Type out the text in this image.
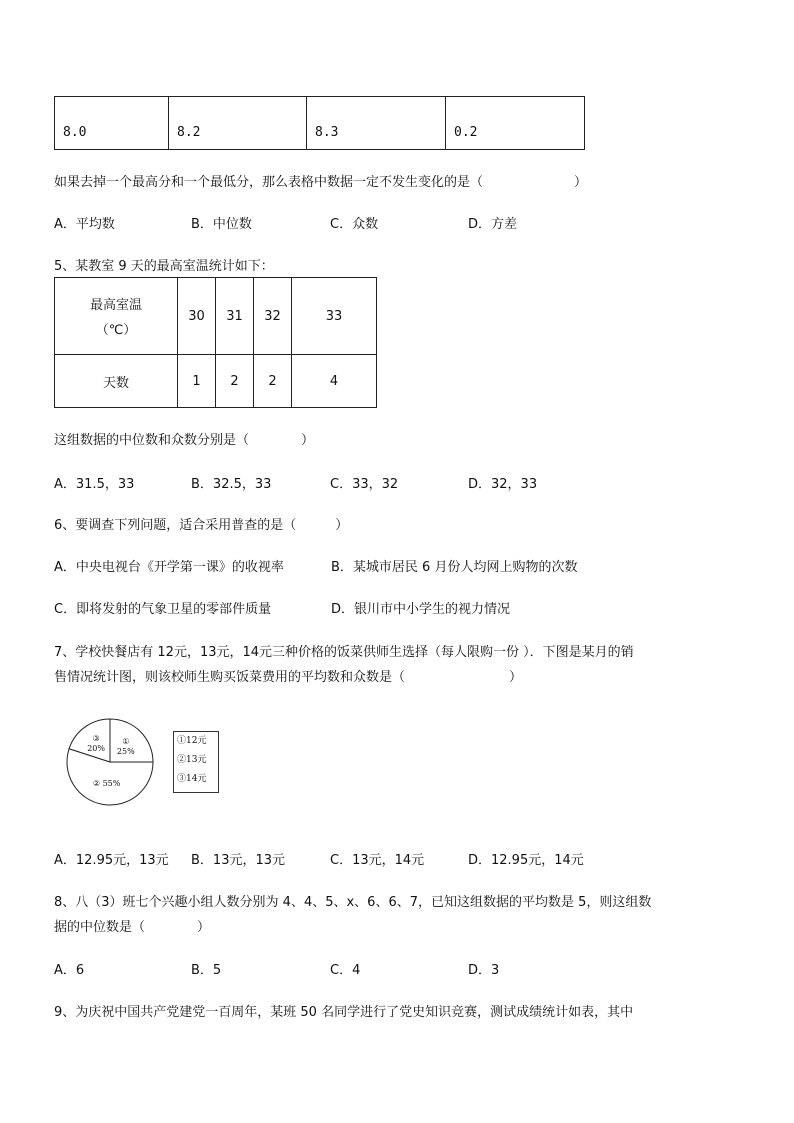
8.0	8.2	8.3	0.2
如果去掉一个最高分和一个最低分，那么表格中数据一定不发生变化的是（　　　　　　　）
A．平均数	B．中位数	C．众数	D．方差
5、某教室 9 天的最高室温统计如下：
最高室温
（℃）	30	31	32	33
天数	1	2	2	4
这组数据的中位数和众数分别是（　　　　）
A．31.5，33	B．32.5，33	C．33，32	D．32，33
6、要调查下列问题，适合采用普查的是（　　　）
A．中央电视台《开学第一课》的收视率	B．某城市居民 6 月份人均网上购物的次数
C．即将发射的气象卫星的零部件质量	D．银川市中小学生的视力情况
7、学校快餐店有 12元，13元，14元三种价格的饭菜供师生选择（每人限购一份 ）．下图是某月的销
售情况统计图，则该校师生购买饭菜费用的平均数和众数是（　　　　　　　　）
① 25%
② 55%
③ 20%
①12元
②13元
③14元
A．12.95元，13元 B．13元，13元	C．13元，14元	D．12.95元，14元
8、八（3）班七个兴趣小组人数分别为 4、4、5、x、6、6、7，已知这组数据的平均数是 5，则这组数
据的中位数是（　　　　）
A．6	B．5	C．4	D．3
9、为庆祝中国共产党建党一百周年，某班 50 名同学进行了党史知识竞赛，测试成绩统计如表，其中
